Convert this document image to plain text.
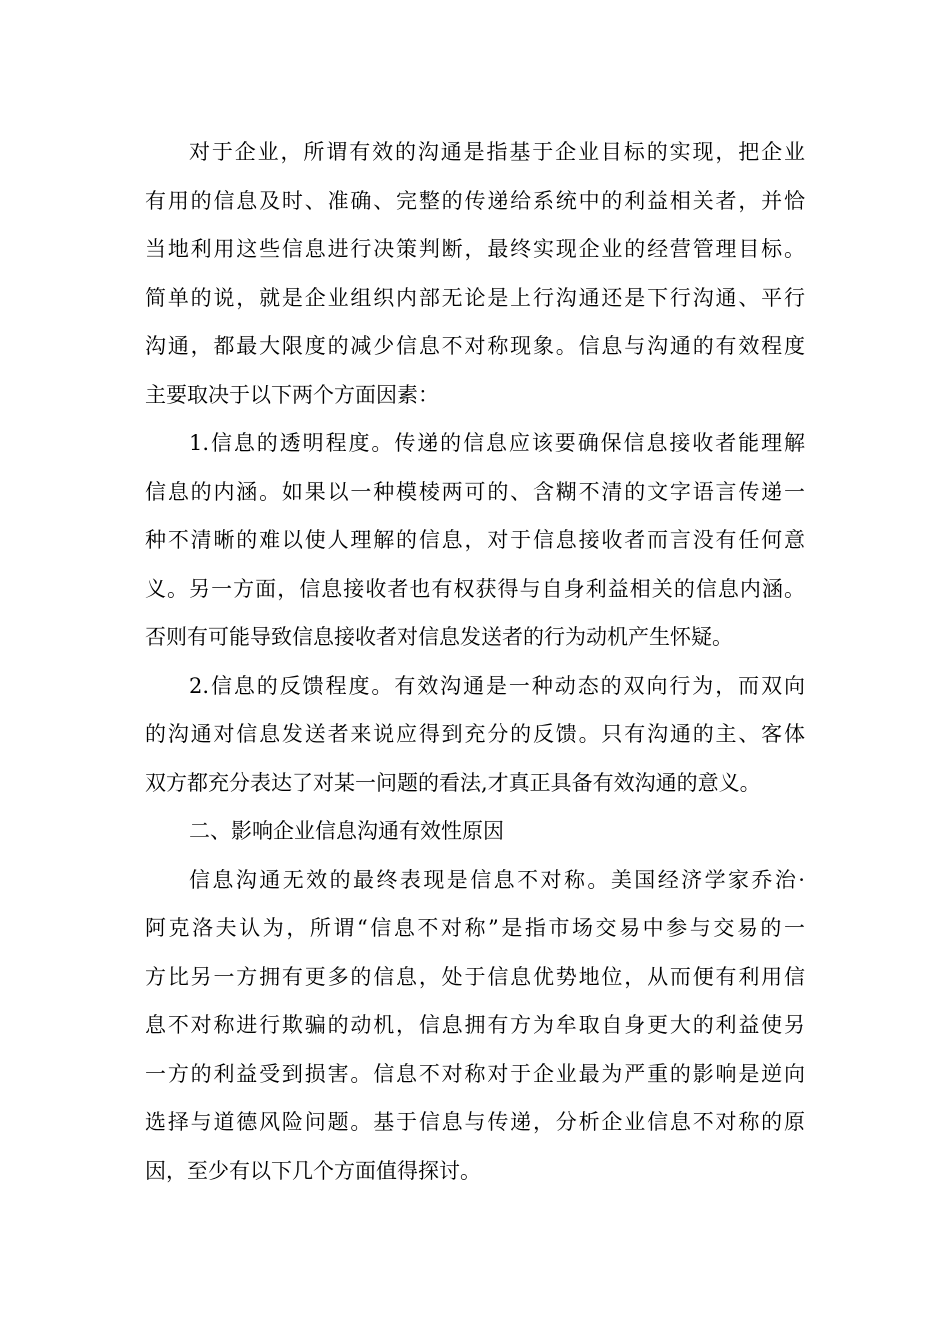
对于企业，所谓有效的沟通是指基于企业目标的实现，把企业
有用的信息及时、准确、完整的传递给系统中的利益相关者，并恰
当地利用这些信息进行决策判断，最终实现企业的经营管理目标。
简单的说，就是企业组织内部无论是上行沟通还是下行沟通、平行
沟通，都最大限度的减少信息不对称现象。信息与沟通的有效程度
主要取决于以下两个方面因素：
1.信息的透明程度。传递的信息应该要确保信息接收者能理解
信息的内涵。如果以一种模棱两可的、含糊不清的文字语言传递一
种不清晰的难以使人理解的信息，对于信息接收者而言没有任何意
义。另一方面，信息接收者也有权获得与自身利益相关的信息内涵。
否则有可能导致信息接收者对信息发送者的行为动机产生怀疑。
2.信息的反馈程度。有效沟通是一种动态的双向行为，而双向
的沟通对信息发送者来说应得到充分的反馈。只有沟通的主、客体
双方都充分表达了对某一问题的看法,才真正具备有效沟通的意义。
二、影响企业信息沟通有效性原因
信息沟通无效的最终表现是信息不对称。美国经济学家乔治·
阿克洛夫认为，所谓“信息不对称”是指市场交易中参与交易的一
方比另一方拥有更多的信息，处于信息优势地位，从而便有利用信
息不对称进行欺骗的动机，信息拥有方为牟取自身更大的利益使另
一方的利益受到损害。信息不对称对于企业最为严重的影响是逆向
选择与道德风险问题。基于信息与传递，分析企业信息不对称的原
因，至少有以下几个方面值得探讨。
